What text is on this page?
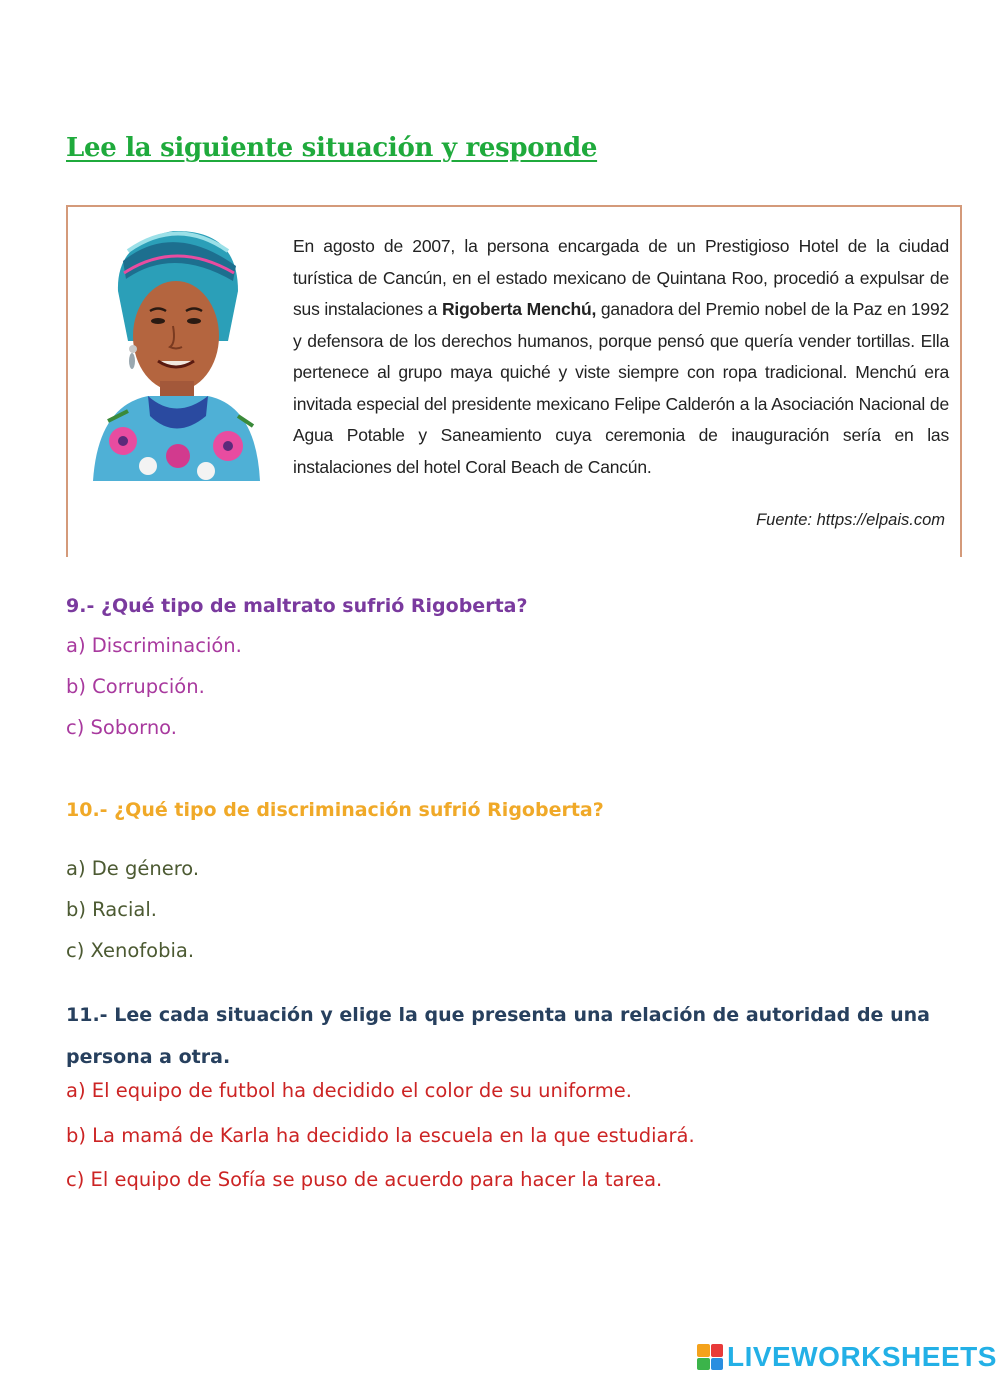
Lee la siguiente situación y responde
En agosto de 2007, la persona encargada de un Prestigioso Hotel de la ciudad turística de Cancún, en el estado mexicano de Quintana Roo, procedió a expulsar de sus instalaciones a Rigoberta Menchú, ganadora del Premio nobel de la Paz en 1992 y defensora de los derechos humanos, porque pensó que quería vender tortillas. Ella pertenece al grupo maya quiché y viste siempre con ropa tradicional. Menchú era invitada especial del presidente mexicano Felipe Calderón a la Asociación Nacional de Agua Potable y Saneamiento cuya ceremonia de inauguración sería en las instalaciones del hotel Coral Beach de Cancún.
Fuente: https://elpais.com
9.- ¿Qué tipo de maltrato sufrió Rigoberta?
a) Discriminación.
b) Corrupción.
c) Soborno.
10.- ¿Qué tipo de discriminación sufrió Rigoberta?
a) De género.
b) Racial.
c) Xenofobia.
11.- Lee cada situación y elige la que presenta una relación de autoridad de una persona a otra.
a) El equipo de futbol ha decidido el color de su uniforme.
b) La mamá de Karla ha decidido la escuela en la que estudiará.
c) El equipo de Sofía se puso de acuerdo para hacer la tarea.
LIVEWORKSHEETS
